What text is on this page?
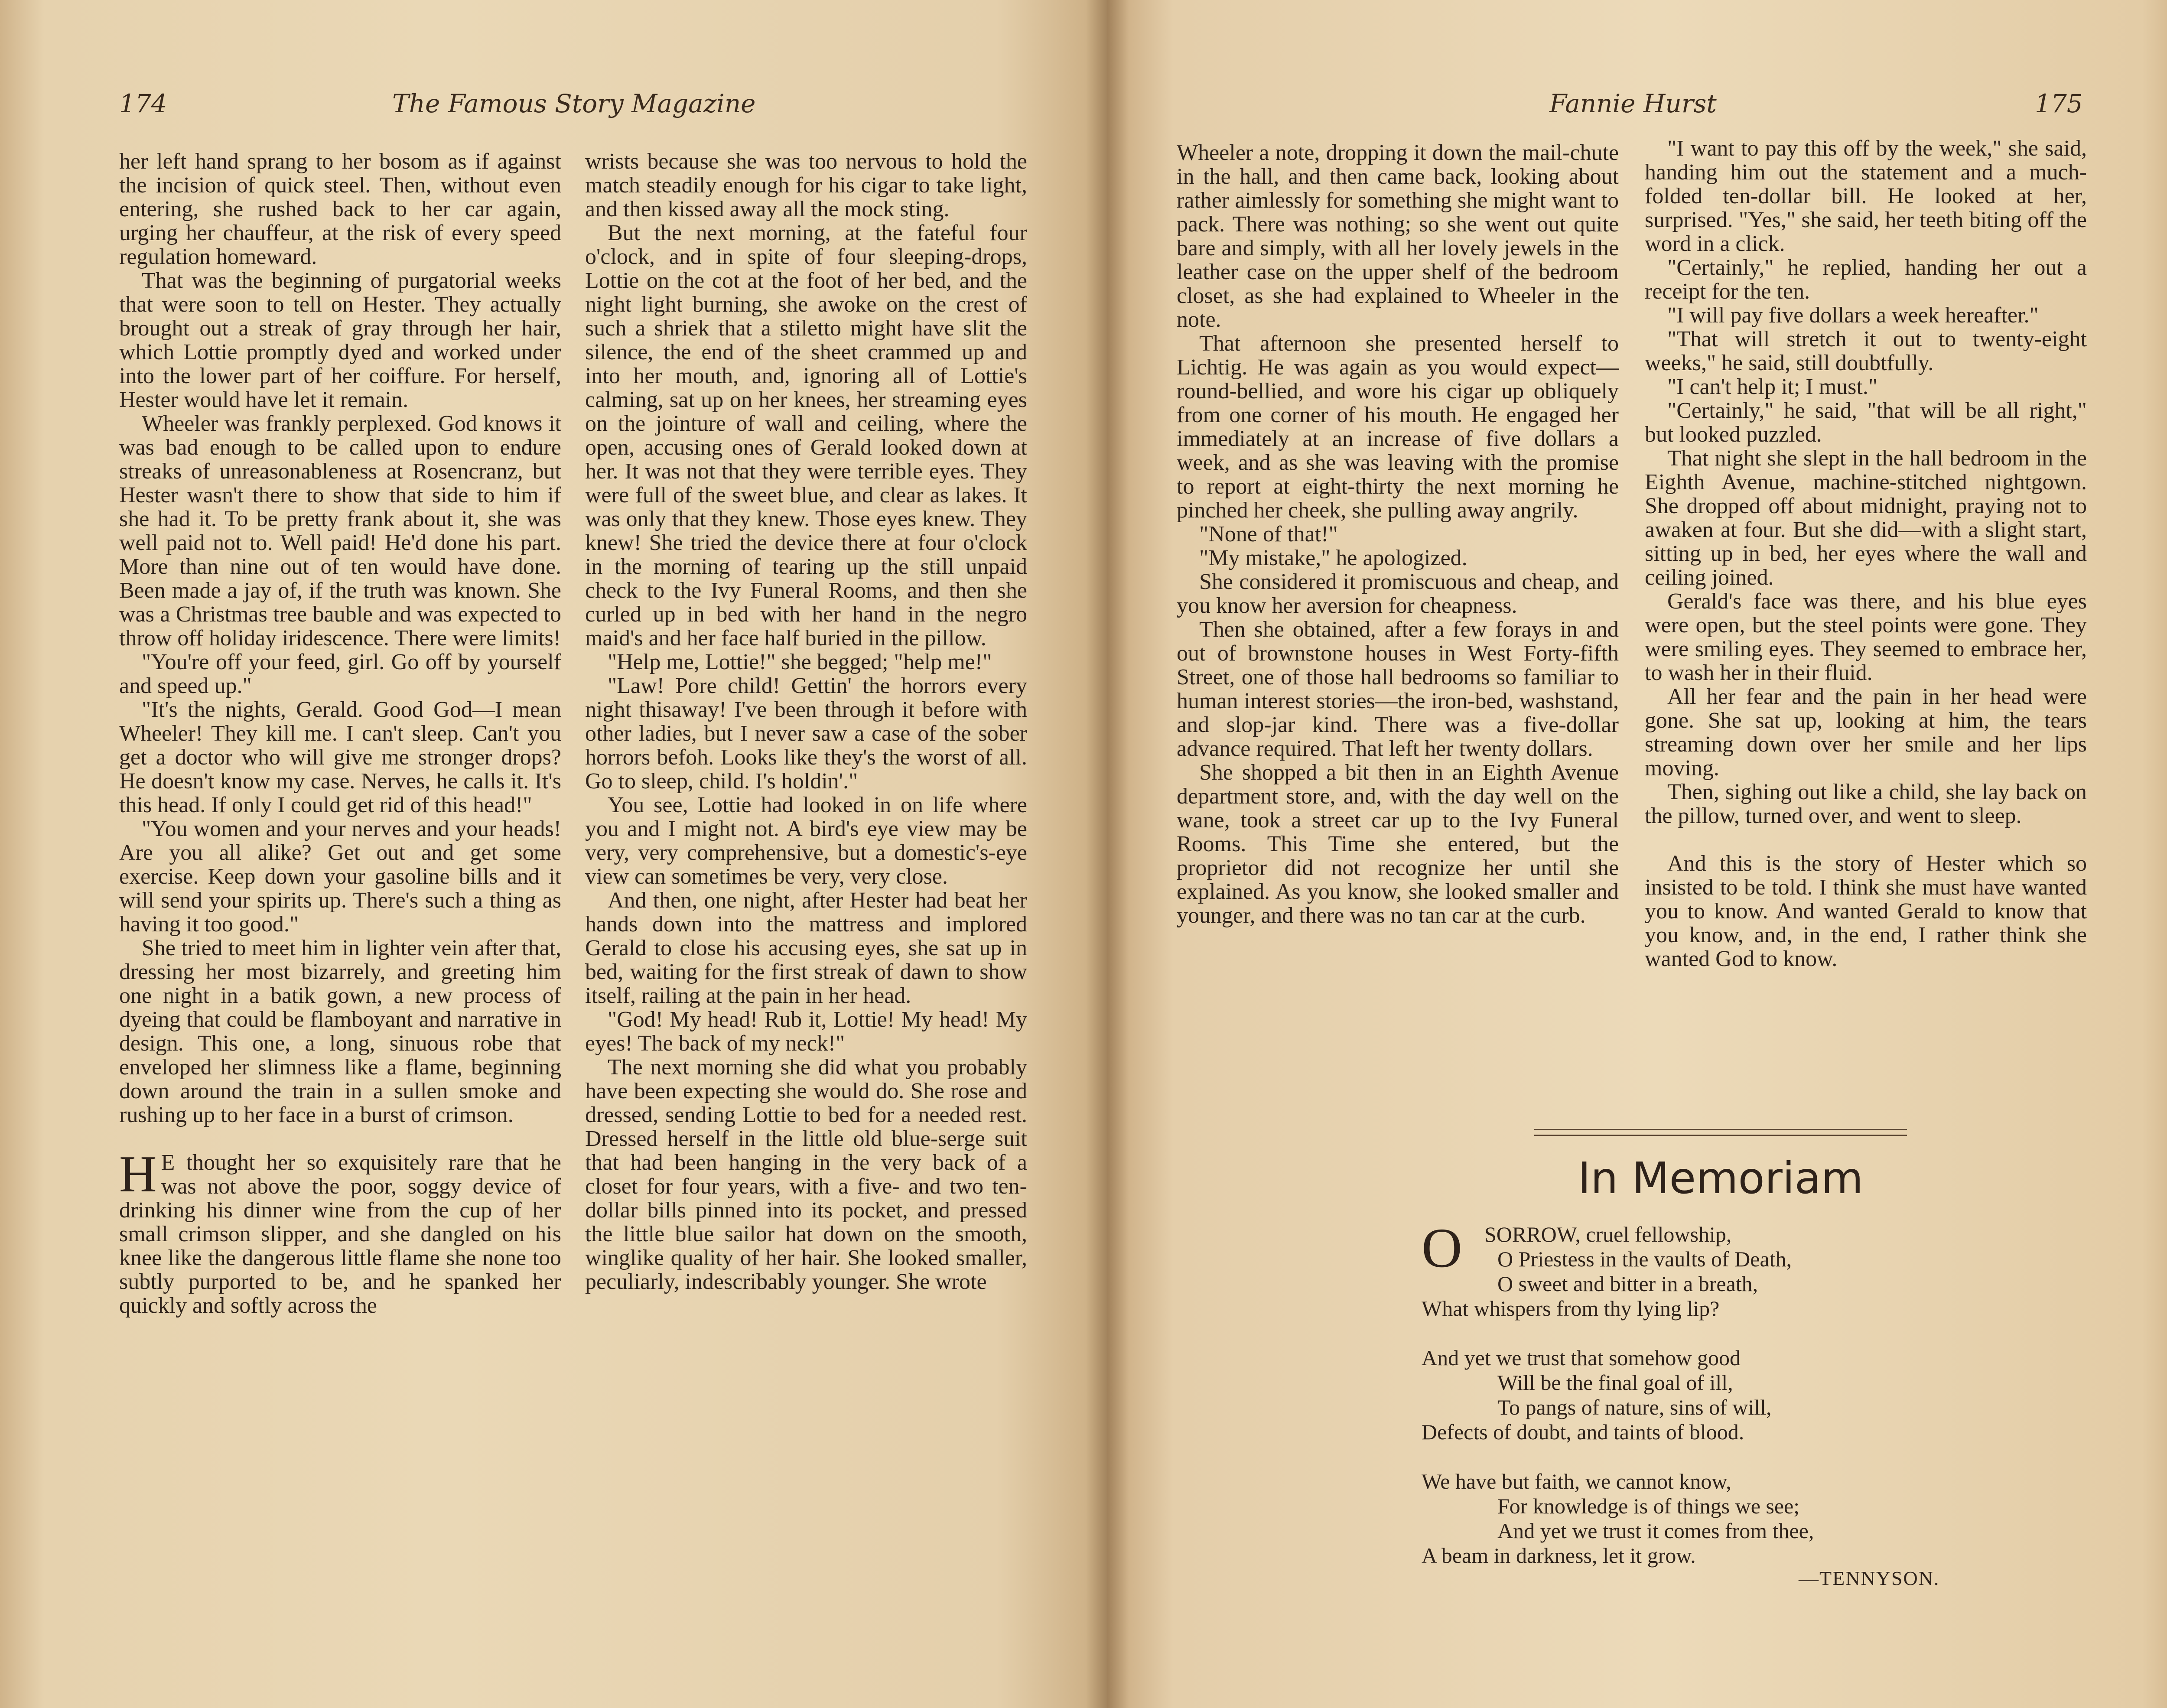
174	The Famous Story Magazine	Fannie Hurst	175

her left hand sprang to her bosom as if against the incision of quick steel. Then, without even entering, she rushed back to her car again, urging her chauffeur, at the risk of every speed regulation homeward.

That was the beginning of purgatorial weeks that were soon to tell on Hester. They actually brought out a streak of gray through her hair, which Lottie promptly dyed and worked under into the lower part of her coiffure. For herself, Hester would have let it remain.

Wheeler was frankly perplexed. God knows it was bad enough to be called upon to endure streaks of unreasonableness at Rosencranz, but Hester wasn't there to show that side to him if she had it. To be pretty frank about it, she was well paid not to. Well paid! He'd done his part. More than nine out of ten would have done. Been made a jay of, if the truth was known. She was a Christmas tree bauble and was expected to throw off holiday iridescence. There were limits!

"You're off your feed, girl. Go off by yourself and speed up."

"It's the nights, Gerald. Good God—I mean Wheeler! They kill me. I can't sleep. Can't you get a doctor who will give me stronger drops? He doesn't know my case. Nerves, he calls it. It's this head. If only I could get rid of this head!"

"You women and your nerves and your heads! Are you all alike? Get out and get some exercise. Keep down your gasoline bills and it will send your spirits up. There's such a thing as having it too good."

She tried to meet him in lighter vein after that, dressing her most bizarrely, and greeting him one night in a batik gown, a new process of dyeing that could be flamboyant and narrative in design. This one, a long, sinuous robe that enveloped her slimness like a flame, beginning down around the train in a sullen smoke and rushing up to her face in a burst of crimson.

H E thought her so exquisitely rare that he was not above the poor, soggy device of drinking his dinner wine from the cup of her small crimson slipper, and she dangled on his knee like the dangerous little flame she none too subtly purported to be, and he spanked her quickly and softly across the

wrists because she was too nervous to hold the match steadily enough for his cigar to take light, and then kissed away all the mock sting.

But the next morning, at the fateful four o'clock, and in spite of four sleeping-drops, Lottie on the cot at the foot of her bed, and the night light burning, she awoke on the crest of such a shriek that a stiletto might have slit the silence, the end of the sheet crammed up and into her mouth, and, ignoring all of Lottie's calming, sat up on her knees, her streaming eyes on the jointure of wall and ceiling, where the open, accusing ones of Gerald looked down at her. It was not that they were terrible eyes. They were full of the sweet blue, and clear as lakes. It was only that they knew. Those eyes knew. They knew! She tried the device there at four o'clock in the morning of tearing up the still unpaid check to the Ivy Funeral Rooms, and then she curled up in bed with her hand in the negro maid's and her face half buried in the pillow.

"Help me, Lottie!" she begged; "help me!"

"Law! Pore child! Gettin' the horrors every night thisaway! I've been through it before with other ladies, but I never saw a case of the sober horrors befoh. Looks like they's the worst of all. Go to sleep, child. I's holdin'."

You see, Lottie had looked in on life where you and I might not. A bird's eye view may be very, very comprehensive, but a domestic's-eye view can sometimes be very, very close.

And then, one night, after Hester had beat her hands down into the mattress and implored Gerald to close his accusing eyes, she sat up in bed, waiting for the first streak of dawn to show itself, railing at the pain in her head.

"God! My head! Rub it, Lottie! My head! My eyes! The back of my neck!"

The next morning she did what you probably have been expecting she would do. She rose and dressed, sending Lottie to bed for a needed rest. Dressed herself in the little old blue-serge suit that had been hanging in the very back of a closet for four years, with a five- and two ten-dollar bills pinned into its pocket, and pressed the little blue sailor hat down on the smooth, winglike quality of her hair. She looked smaller, peculiarly, indescribably younger. She wrote

Wheeler a note, dropping it down the mail-chute in the hall, and then came back, looking about rather aimlessly for something she might want to pack. There was nothing; so she went out quite bare and simply, with all her lovely jewels in the leather case on the upper shelf of the bedroom closet, as she had explained to Wheeler in the note.

That afternoon she presented herself to Lichtig. He was again as you would expect—round-bellied, and wore his cigar up obliquely from one corner of his mouth. He engaged her immediately at an increase of five dollars a week, and as she was leaving with the promise to report at eight-thirty the next morning he pinched her cheek, she pulling away angrily.

"None of that!"

"My mistake," he apologized.

She considered it promiscuous and cheap, and you know her aversion for cheapness.

Then she obtained, after a few forays in and out of brownstone houses in West Forty-fifth Street, one of those hall bedrooms so familiar to human interest stories—the iron-bed, washstand, and slop-jar kind. There was a five-dollar advance required. That left her twenty dollars.

She shopped a bit then in an Eighth Avenue department store, and, with the day well on the wane, took a street car up to the Ivy Funeral Rooms. This Time she entered, but the proprietor did not recognize her until she explained. As you know, she looked smaller and younger, and there was no tan car at the curb.

"I want to pay this off by the week," she said, handing him out the statement and a much-folded ten-dollar bill. He looked at her, surprised. "Yes," she said, her teeth biting off the word in a click.

"Certainly," he replied, handing her out a receipt for the ten.

"I will pay five dollars a week hereafter."

"That will stretch it out to twenty-eight weeks," he said, still doubtfully.

"I can't help it; I must."

"Certainly," he said, "that will be all right," but looked puzzled.

That night she slept in the hall bedroom in the Eighth Avenue, machine-stitched nightgown. She dropped off about midnight, praying not to awaken at four. But she did—with a slight start, sitting up in bed, her eyes where the wall and ceiling joined.

Gerald's face was there, and his blue eyes were open, but the steel points were gone. They were smiling eyes. They seemed to embrace her, to wash her in their fluid.

All her fear and the pain in her head were gone. She sat up, looking at him, the tears streaming down over her smile and her lips moving.

Then, sighing out like a child, she lay back on the pillow, turned over, and went to sleep.

And this is the story of Hester which so insisted to be told. I think she must have wanted you to know. And wanted Gerald to know that you know, and, in the end, I rather think she wanted God to know.

In Memoriam
O	SORROW, cruel fellowship,
O Priestess in the vaults of Death,
O sweet and bitter in a breath,
What whispers from thy lying lip?
And yet we trust that somehow good
Will be the final goal of ill,
To pangs of nature, sins of will,
Defects of doubt, and taints of blood.
We have but faith, we cannot know,
For knowledge is of things we see;
And yet we trust it comes from thee,
A beam in darkness, let it grow.
—TENNYSON.
